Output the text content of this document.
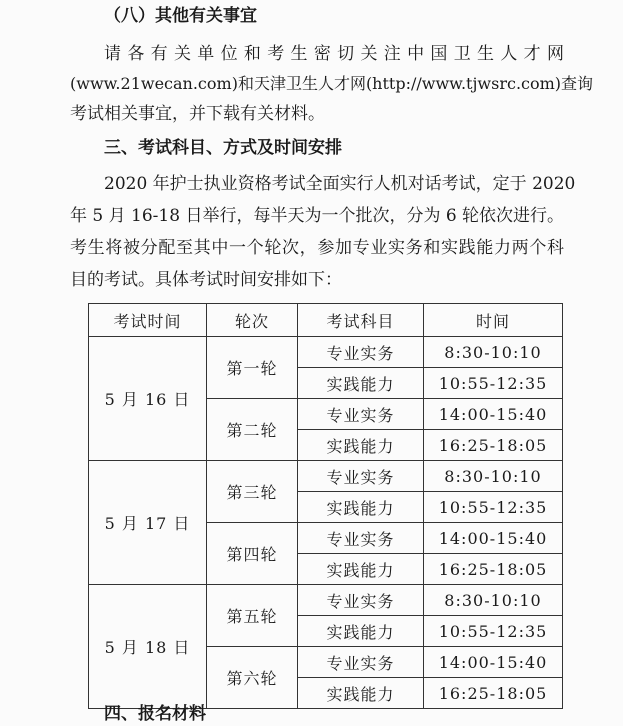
（八）其他有关事宜
请各有关单位和考生密切关注中国卫生人才网
(www.21wecan.com)和天津卫生人才网(http://www.tjwsrc.com)查询
考试相关事宜，并下载有关材料。
三、考试科目、方式及时间安排
2020 年护士执业资格考试全面实行人机对话考试，定于 2020
年 5 月 16-18 日举行，每半天为一个批次，分为 6 轮依次进行。
考生将被分配至其中一个轮次，参加专业实务和实践能力两个科
目的考试。具体考试时间安排如下：
考试时间	轮次	考试科目	时间
5 月 16 日	第一轮	专业实务	8:30-10:10
		实践能力	10:55-12:35
	第二轮	专业实务	14:00-15:40
		实践能力	16:25-18:05
5 月 17 日	第三轮	专业实务	8:30-10:10
		实践能力	10:55-12:35
	第四轮	专业实务	14:00-15:40
		实践能力	16:25-18:05
5 月 18 日	第五轮	专业实务	8:30-10:10
		实践能力	10:55-12:35
	第六轮	专业实务	14:00-15:40
		实践能力	16:25-18:05
四、报名材料
